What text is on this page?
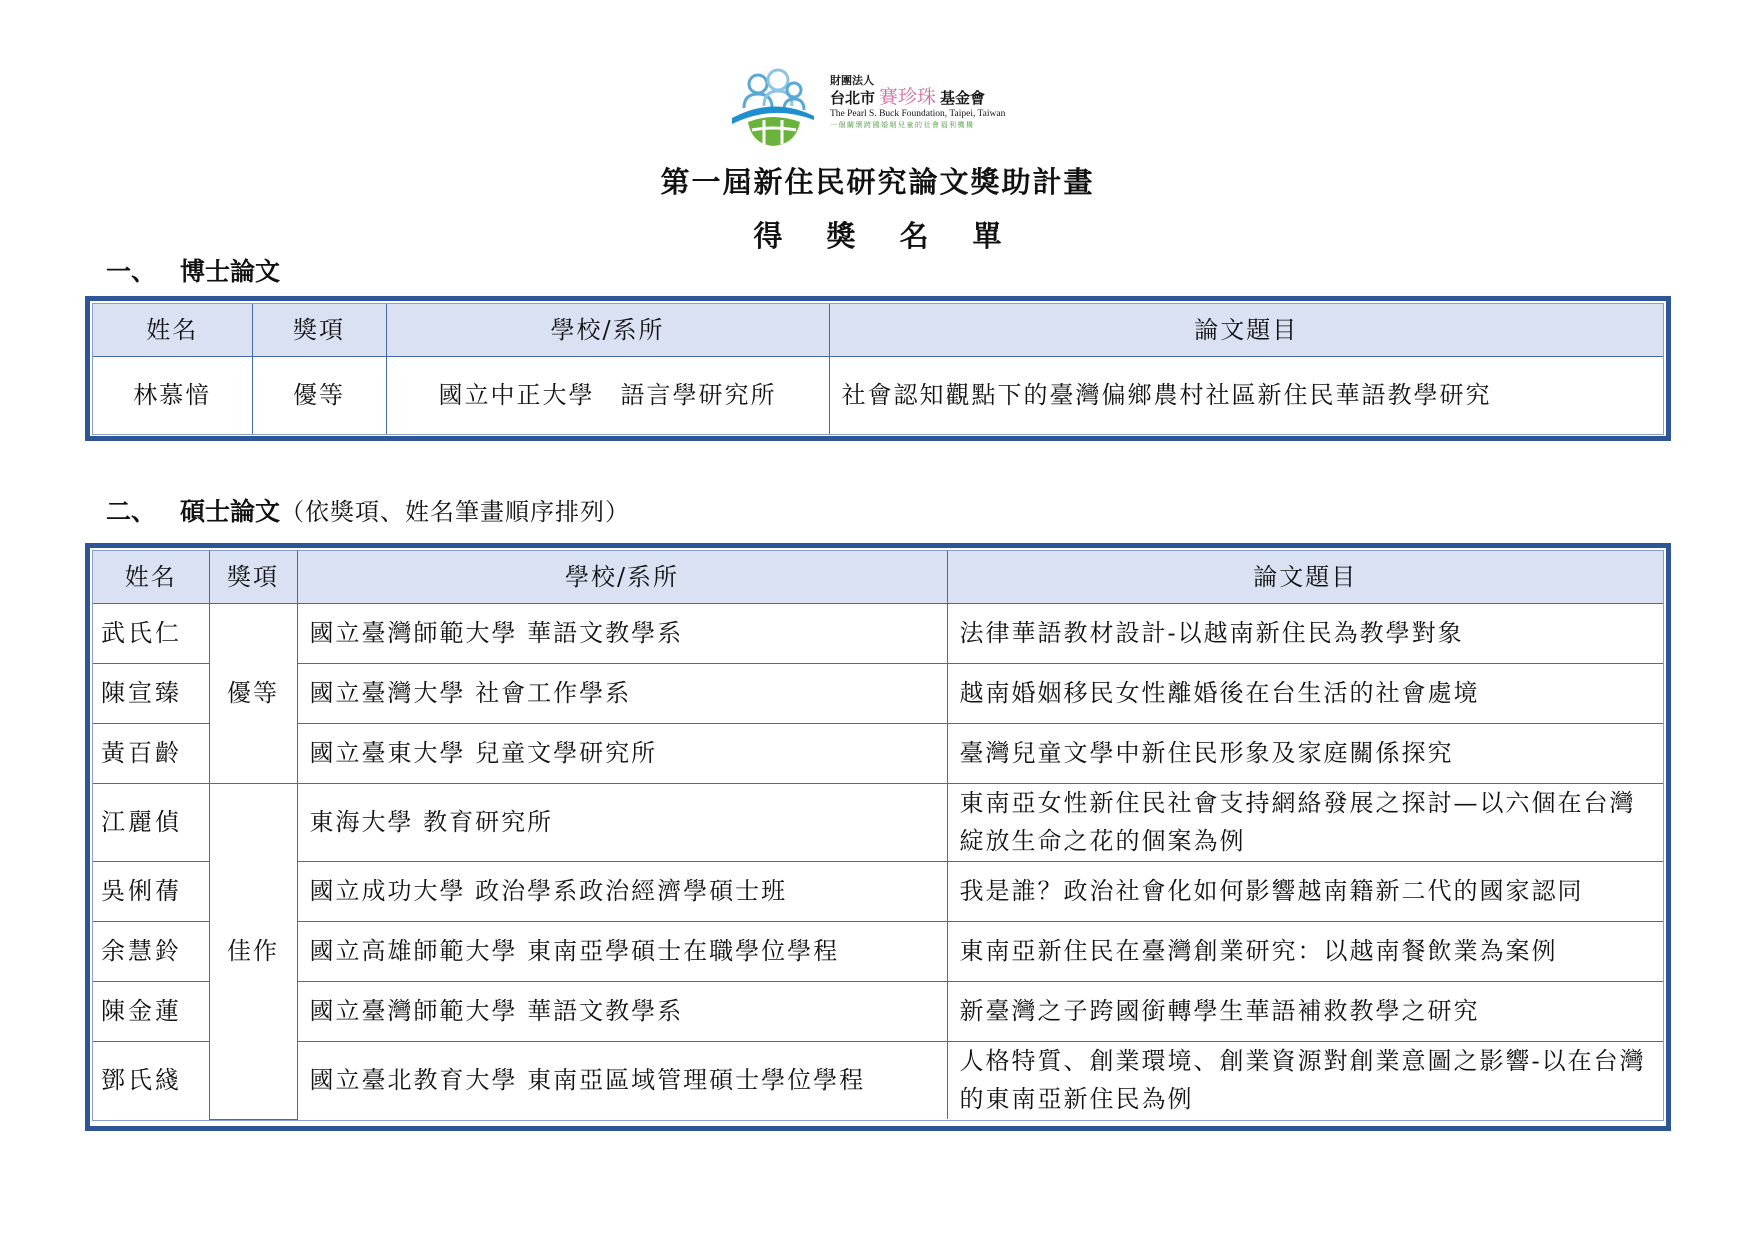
財團法人
台北市 賽珍珠 基金會
The Pearl S. Buck Foundation, Taipei, Taiwan
一個關懷跨國婚姻兒童的社會福利機構
第一屆新住民研究論文獎助計畫
得獎名單
一、 博士論文
姓名	獎項	學校/系所	論文題目
林慕愔	優等	國立中正大學　語言學研究所	社會認知觀點下的臺灣偏鄉農村社區新住民華語教學研究
二、 碩士論文（依獎項、姓名筆畫順序排列）
姓名	獎項	學校/系所	論文題目
武氏仁	優等	國立臺灣師範大學 華語文教學系	法律華語教材設計-以越南新住民為教學對象
陳宣臻		國立臺灣大學 社會工作學系	越南婚姻移民女性離婚後在台生活的社會處境
黃百齡		國立臺東大學 兒童文學研究所	臺灣兒童文學中新住民形象及家庭關係探究
江麗偵	佳作	東海大學 教育研究所	東南亞女性新住民社會支持網絡發展之探討—以六個在台灣綻放生命之花的個案為例
吳俐蒨		國立成功大學 政治學系政治經濟學碩士班	我是誰？政治社會化如何影響越南籍新二代的國家認同
余慧鈴		國立高雄師範大學 東南亞學碩士在職學位學程	東南亞新住民在臺灣創業研究：以越南餐飲業為案例
陳金蓮		國立臺灣師範大學 華語文教學系	新臺灣之子跨國銜轉學生華語補救教學之研究
鄧氏綫		國立臺北教育大學 東南亞區域管理碩士學位學程	人格特質、創業環境、創業資源對創業意圖之影響-以在台灣的東南亞新住民為例
